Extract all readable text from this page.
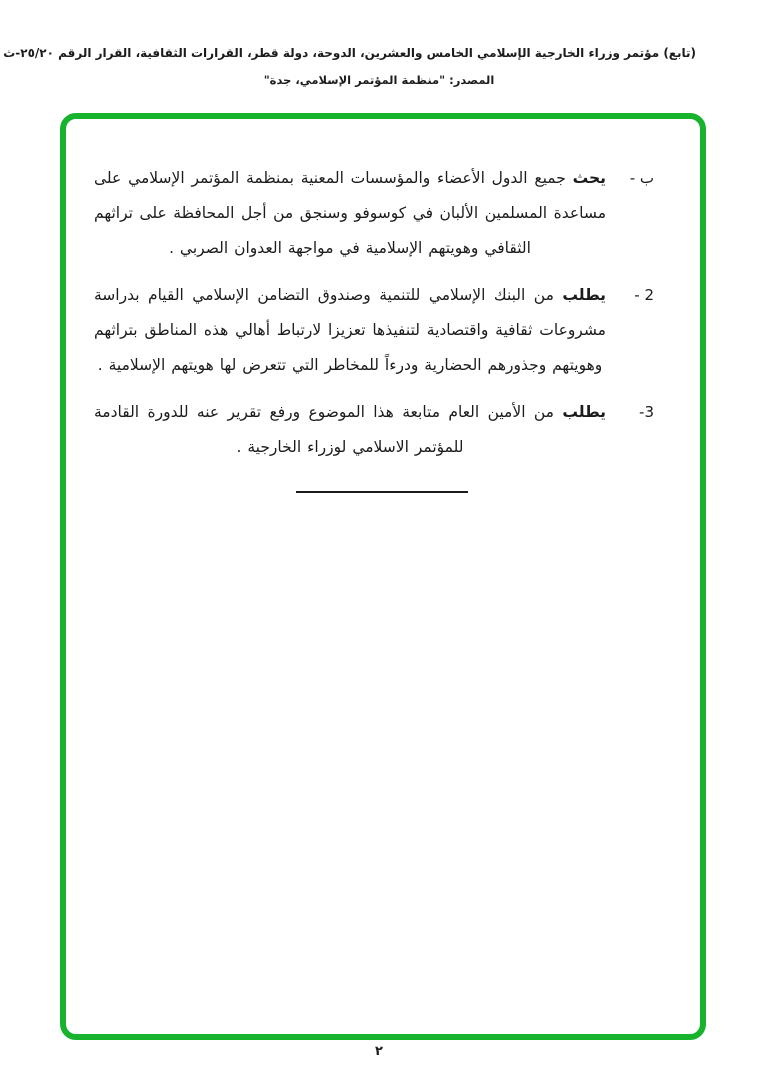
(تابع) مؤتمر وزراء الخارجية الإسلامي الخامس والعشرين، الدوحة، دولة قطر، القرارات الثقافية، القرار الرقم ٢٥/٢٠-ث
المصدر: "منظمة المؤتمر الإسلامي، جدة"
ب -

يحث جميع الدول الأعضاء والمؤسسات المعنية بمنظمة المؤتمر الإسلامي على مساعدة المسلمين الألبان في كوسوفو وسنجق من أجل المحافظة على تراثهم الثقافي وهويتهم الإسلامية في مواجهة العدوان الصربي .

2 -

يطلب من البنك الإسلامي للتنمية وصندوق التضامن الإسلامي القيام بدراسة مشروعات ثقافية واقتصادية لتنفيذها تعزيزا لارتباط أهالي هذه المناطق بتراثهم وهويتهم وجذورهم الحضارية ودرءاً للمخاطر التي تتعرض لها هويتهم الإسلامية .

3-

يطلب من الأمين العام متابعة هذا الموضوع ورفع تقرير عنه للدورة القادمة للمؤتمر الاسلامي لوزراء الخارجية .

٢
